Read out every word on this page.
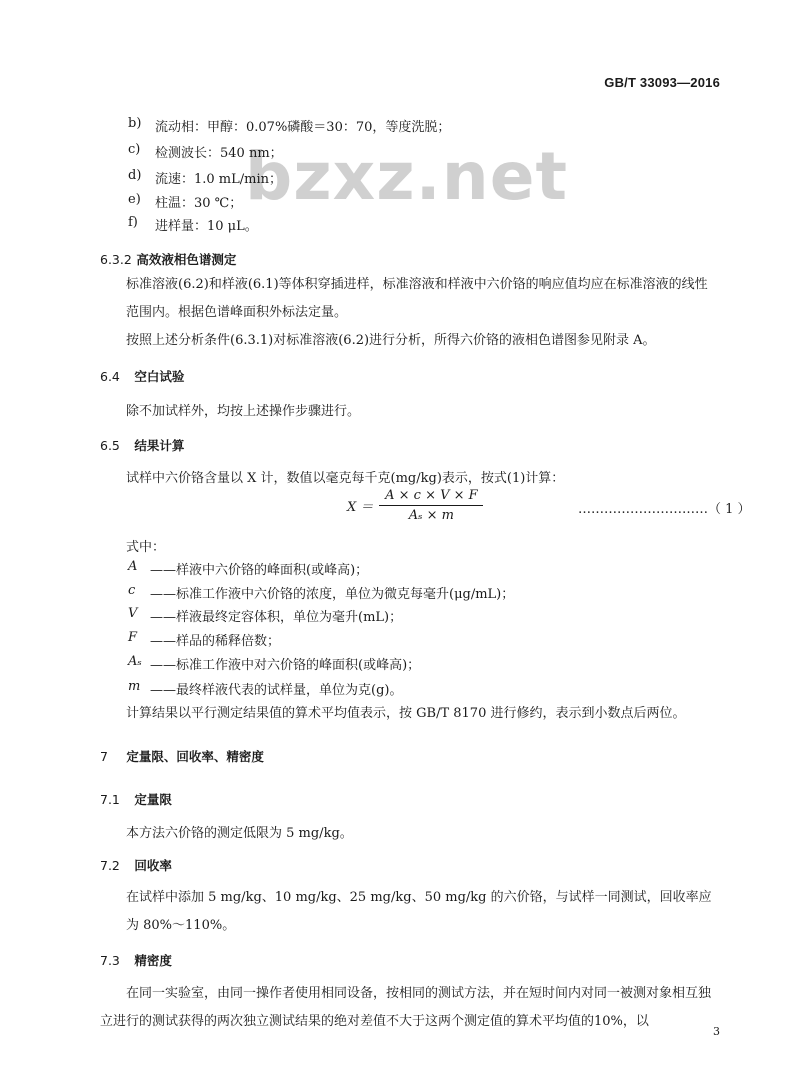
GB/T 33093—2016
bzxz.net
b)	流动相：甲醇：0.07%磷酸＝30：70，等度洗脱；
c)	检测波长：540 nm；
d)	流速：1.0 mL/min；
e)	柱温：30 ℃；
f)	进样量：10 μL。
6.3.2 高效液相色谱测定
标准溶液(6.2)和样液(6.1)等体积穿插进样，标准溶液和样液中六价铬的响应值均应在标准溶液的线性范围内。根据色谱峰面积外标法定量。
按照上述分析条件(6.3.1)对标准溶液(6.2)进行分析，所得六价铬的液相色谱图参见附录 A。
6.4 空白试验
除不加试样外，均按上述操作步骤进行。
6.5 结果计算
试样中六价铬含量以 X 计，数值以毫克每千克(mg/kg)表示，按式(1)计算：
$X = \frac{A \times c \times V \times F}{\text{Aₛ × m}}$	…………………………（ 1 ）
式中：
A ——样液中六价铬的峰面积(或峰高)；
c	——标准工作液中六价铬的浓度，单位为微克每毫升(μg/mL)；
V ——样液最终定容体积，单位为毫升(mL)；
F ——样品的稀释倍数；
Aₛ ——标准工作液中对六价铬的峰面积(或峰高)；
m ——最终样液代表的试样量，单位为克(g)。
计算结果以平行测定结果值的算术平均值表示，按 GB/T 8170 进行修约，表示到小数点后两位。
7 定量限、回收率、精密度
7.1 定量限
本方法六价铬的测定低限为 5 mg/kg。
7.2 回收率
在试样中添加 5 mg/kg、10 mg/kg、25 mg/kg、50 mg/kg 的六价铬，与试样一同测试，回收率应为 80%～110%。
7.3 精密度
在同一实验室，由同一操作者使用相同设备，按相同的测试方法，并在短时间内对同一被测对象相互独立进行的测试获得的两次独立测试结果的绝对差值不大于这两个测定值的算术平均值的10%，以
3
